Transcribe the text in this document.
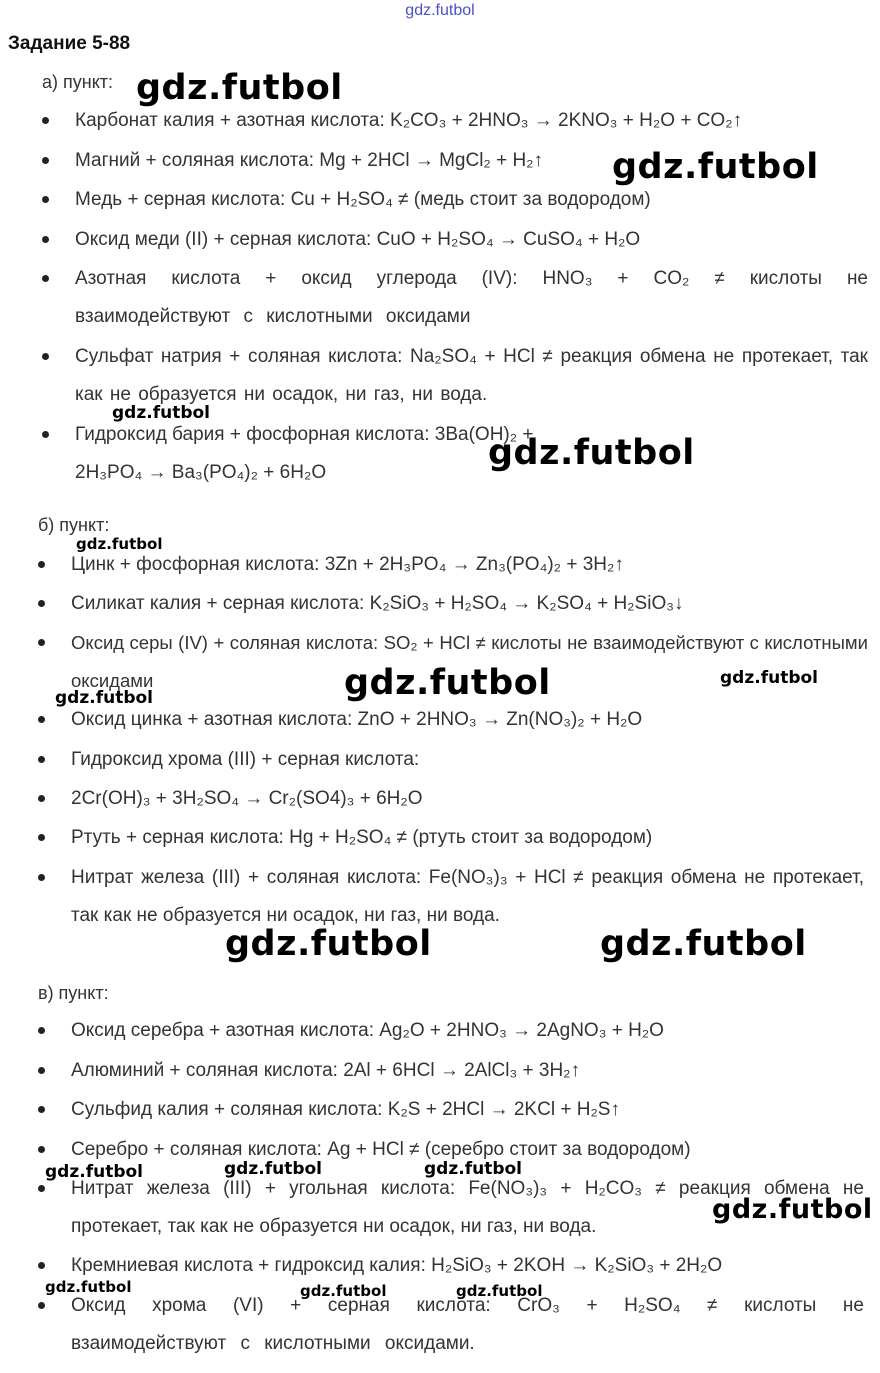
gdz.futbol
Задание 5-88
а) пункт:
Карбонат калия + азотная кислота: K₂CO₃ + 2HNO₃ → 2KNO₃ + H₂O + CO₂↑
Магний + соляная кислота: Mg + 2HCl → MgCl₂ + H₂↑
Медь + серная кислота: Cu + H₂SO₄ ≠ (медь стоит за водородом)
Оксид меди (II) + серная кислота: CuO + H₂SO₄ → CuSO₄ + H₂O
Азотная кислота + оксид углерода (IV): HNO₃ + CO₂ ≠ кислоты не взаимодействуют с кислотными оксидами
Сульфат натрия + соляная кислота: Na₂SO₄ + HCl ≠ реакция обмена не протекает, так как не образуется ни осадок, ни газ, ни вода.
Гидроксид бария + фосфорная кислота: 3Ba(OH)₂ + 2H₃PO₄ → Ba₃(PO₄)₂ + 6H₂O
б) пункт:
Цинк + фосфорная кислота: 3Zn + 2H₃PO₄ → Zn₃(PO₄)₂ + 3H₂↑
Силикат калия + серная кислота: K₂SiO₃ + H₂SO₄ → K₂SO₄ + H₂SiO₃↓
Оксид серы (IV) + соляная кислота: SO₂ + HCl ≠ кислоты не взаимодействуют с кислотными оксидами
Оксид цинка + азотная кислота: ZnO + 2HNO₃ → Zn(NO₃)₂ + H₂O
Гидроксид хрома (III) + серная кислота:
2Cr(OH)₃ + 3H₂SO₄ → Cr₂(SO4)₃ + 6H₂O
Ртуть + серная кислота: Hg + H₂SO₄ ≠ (ртуть стоит за водородом)
Нитрат железа (III) + соляная кислота: Fe(NO₃)₃ + HCl ≠ реакция обмена не протекает, так как не образуется ни осадок, ни газ, ни вода.
в) пункт:
Оксид серебра + азотная кислота: Ag₂O + 2HNO₃ → 2AgNO₃ + H₂O
Алюминий + соляная кислота: 2Al + 6HCl → 2AlCl₃ + 3H₂↑
Сульфид калия + соляная кислота: K₂S + 2HCl → 2KCl + H₂S↑
Серебро + соляная кислота: Ag + HCl ≠ (серебро стоит за водородом)
Нитрат железа (III) + угольная кислота: Fe(NO₃)₃ + H₂CO₃ ≠ реакция обмена не протекает, так как не образуется ни осадок, ни газ, ни вода.
Кремниевая кислота + гидроксид калия: H₂SiO₃ + 2KOH → K₂SiO₃ + 2H₂O
Оксид хрома (VI) + серная кислота: CrO₃ + H₂SO₄ ≠ кислоты не взаимодействуют с кислотными оксидами.
gdz.futbol
gdz.futbol
gdz.futbol
gdz.futbol
gdz.futbol
gdz.futbol	gdz.futbol
gdz.futbol
gdz.futbol	gdz.futbol
gdz.futbol	gdz.futbol	gdz.futbol
gdz.futbol
gdz.futbol	gdz.futbol	gdz.futbol
